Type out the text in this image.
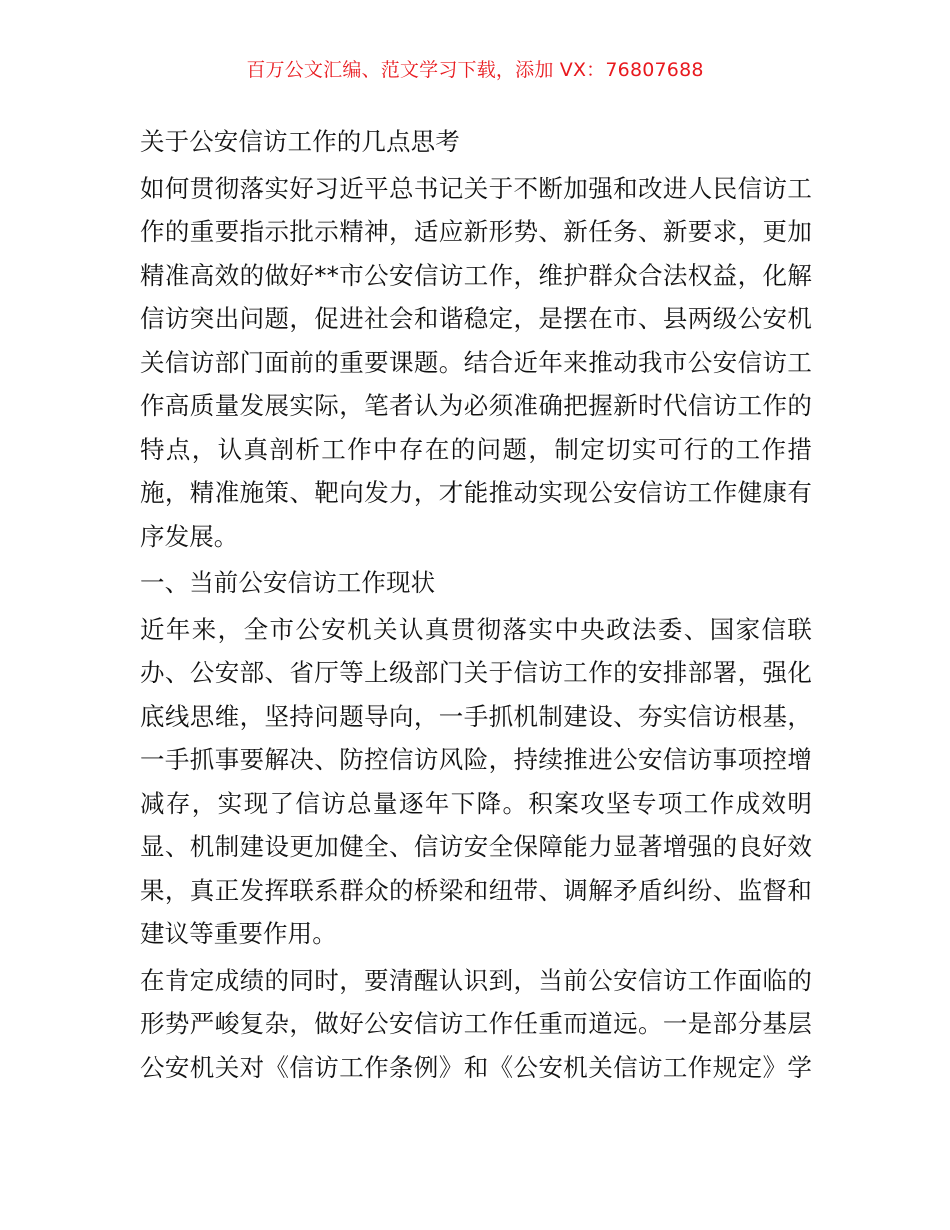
百万公文汇编、范文学习下载，添加 VX：76807688
关于公安信访工作的几点思考
如何贯彻落实好习近平总书记关于不断加强和改进人民信访工
作的重要指示批示精神，适应新形势、新任务、新要求，更加
精准高效的做好**市公安信访工作，维护群众合法权益，化解
信访突出问题，促进社会和谐稳定，是摆在市、县两级公安机
关信访部门面前的重要课题。结合近年来推动我市公安信访工
作高质量发展实际，笔者认为必须准确把握新时代信访工作的
特点，认真剖析工作中存在的问题，制定切实可行的工作措
施，精准施策、靶向发力，才能推动实现公安信访工作健康有
序发展。
一、当前公安信访工作现状
近年来，全市公安机关认真贯彻落实中央政法委、国家信联
办、公安部、省厅等上级部门关于信访工作的安排部署，强化
底线思维，坚持问题导向，一手抓机制建设、夯实信访根基，
一手抓事要解决、防控信访风险，持续推进公安信访事项控增
减存，实现了信访总量逐年下降。积案攻坚专项工作成效明
显、机制建设更加健全、信访安全保障能力显著增强的良好效
果，真正发挥联系群众的桥梁和纽带、调解矛盾纠纷、监督和
建议等重要作用。
在肯定成绩的同时，要清醒认识到，当前公安信访工作面临的
形势严峻复杂，做好公安信访工作任重而道远。一是部分基层
公安机关对《信访工作条例》和《公安机关信访工作规定》学
